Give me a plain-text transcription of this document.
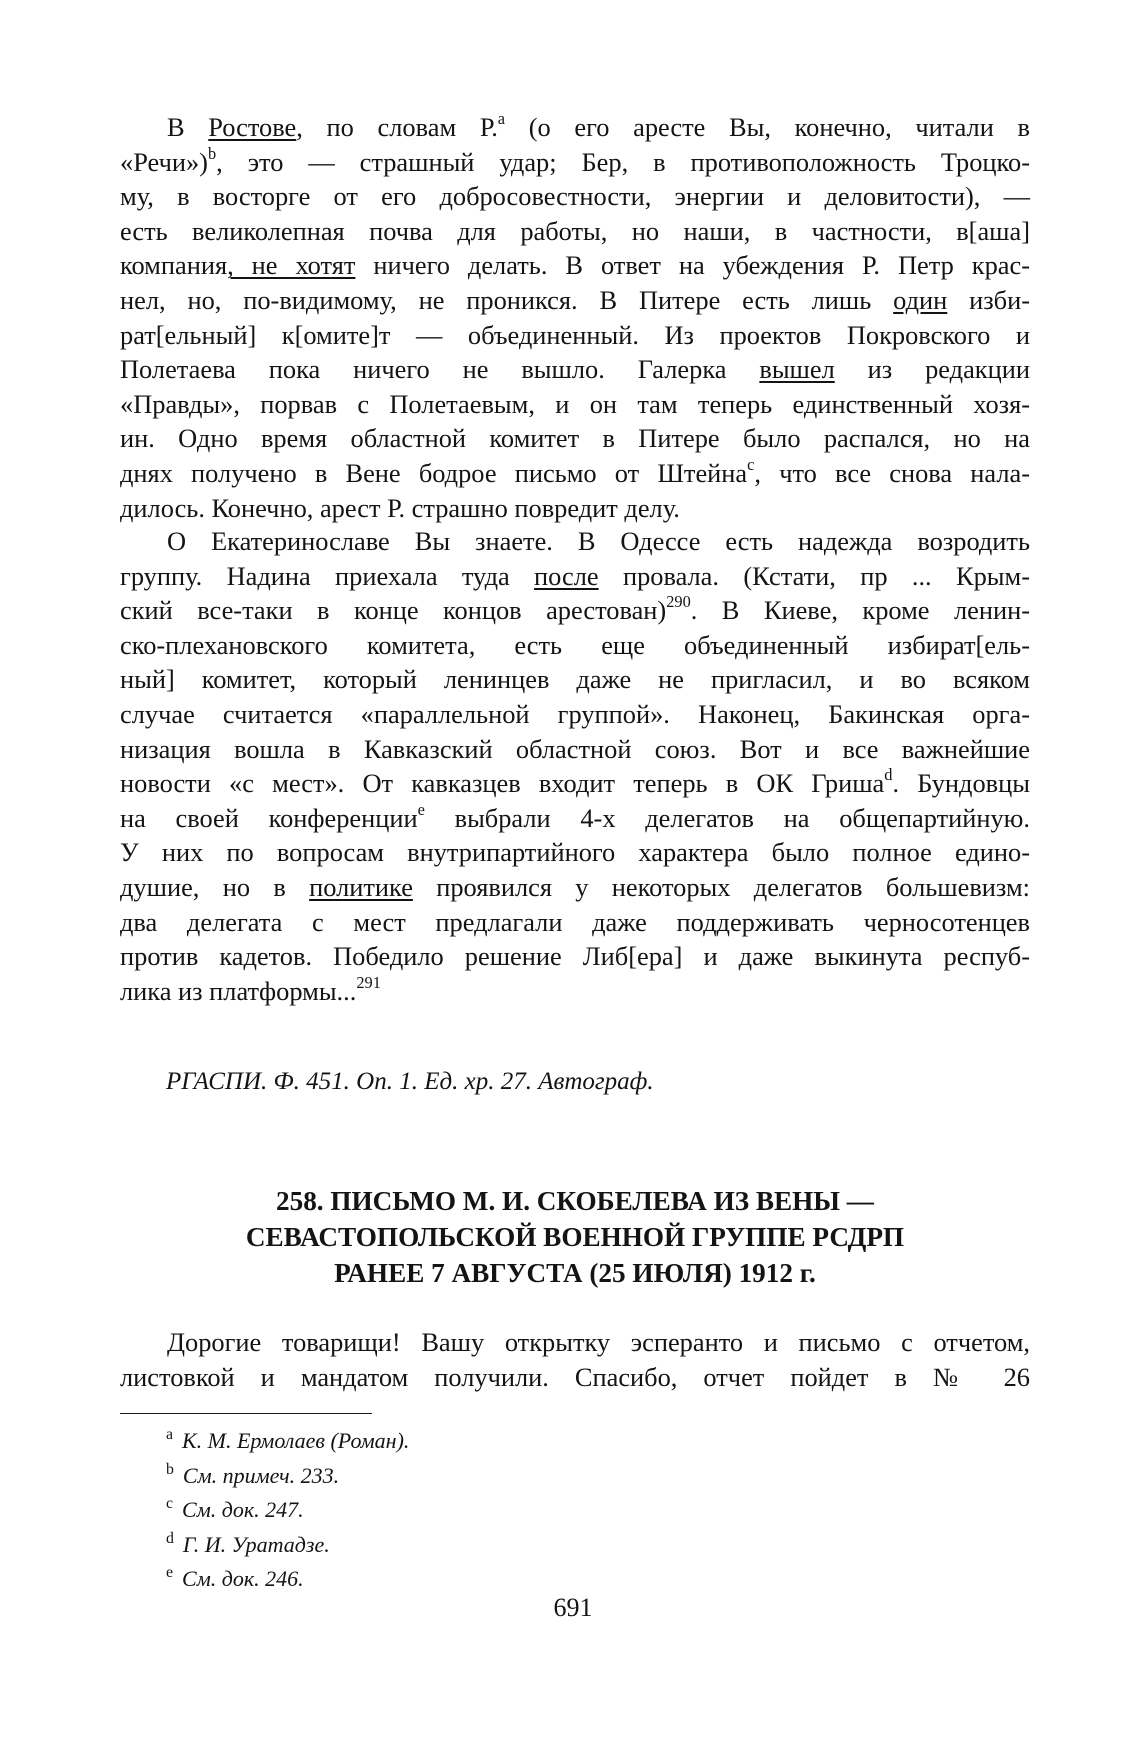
В Ростове, по словам Р.$^a$ (о его аресте Вы, конечно, читали в
«Речи»)$^b$, это — страшный удар; Бер, в противоположность Троцко-
му, в восторге от его добросовестности, энергии и деловитости), —
есть великолепная почва для работы, но наши, в частности, в[аша]
компания, не хотят ничего делать. В ответ на убеждения Р. Петр крас-
нел, но, по-видимому, не проникся. В Питере есть лишь один изби-
рат[ельный] к[омите]т — объединенный. Из проектов Покровского и
Полетаева пока ничего не вышло. Галерка вышел из редакции
«Правды», порвав с Полетаевым, и он там теперь единственный хозя-
ин. Одно время областной комитет в Питере было распался, но на
днях получено в Вене бодрое письмо от Штейна$^c$, что все снова нала-
дилось. Конечно, арест Р. страшно повредит делу.
О Екатеринославе Вы знаете. В Одессе есть надежда возродить
группу. Надина приехала туда после провала. (Кстати, пр ... Крым-
ский все-таки в конце концов арестован)$^{290}$. В Киеве, кроме ленин-
ско-плехановского комитета, есть еще объединенный избират[ель-
ный] комитет, который ленинцев даже не пригласил, и во всяком
случае считается «параллельной группой». Наконец, Бакинская орга-
низация вошла в Кавказский областной союз. Вот и все важнейшие
новости «с мест». От кавказцев входит теперь в ОК Гриша$^d$. Бундовцы
на своей конференции$^e$ выбрали 4-х делегатов на общепартийную.
У них по вопросам внутрипартийного характера было полное едино-
душие, но в политике проявился у некоторых делегатов большевизм:
два делегата с мест предлагали даже поддерживать черносотенцев
против кадетов. Победило решение Либ[ера] и даже выкинута респуб-
лика из платформы...$^{291}$
РГАСПИ. Ф. 451. Оп. 1. Ед. хр. 27. Автограф.
258. ПИСЬМО М. И. СКОБЕЛЕВА ИЗ ВЕНЫ —
СЕВАСТОПОЛЬСКОЙ ВОЕННОЙ ГРУППЕ РСДРП
РАНЕЕ 7 АВГУСТА (25 ИЮЛЯ) 1912 г.
Дорогие товарищи! Вашу открытку эсперанто и письмо с отчетом,
листовкой и мандатом получили. Спасибо, отчет пойдет в № 26
$^a$ К. М. Ермолаев (Роман).
$^b$ См. примеч. 233.
$^c$ См. док. 247.
$^d$ Г. И. Уратадзе.
$^e$ См. док. 246.
691
